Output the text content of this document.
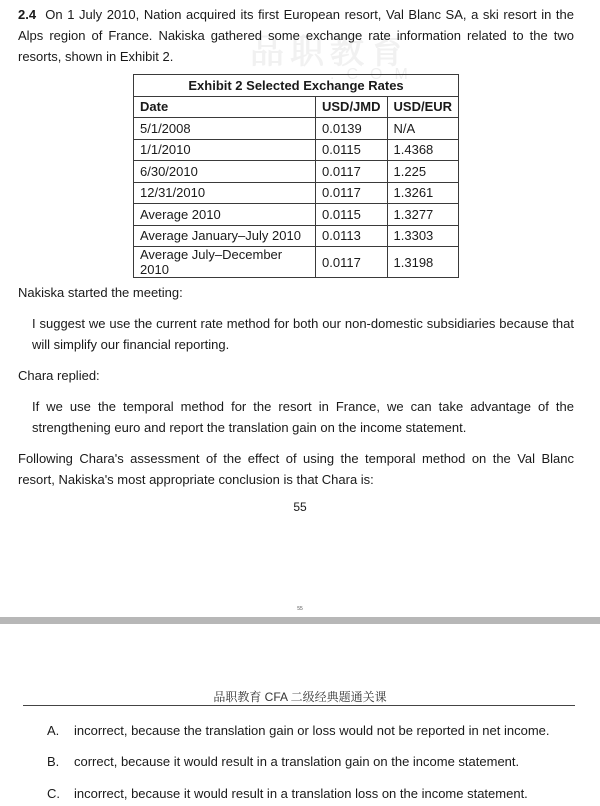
品职教育
.COM

2.4 On 1 July 2010, Nation acquired its first European resort, Val Blanc SA, a ski resort in the Alps region of France. Nakiska gathered some exchange rate information related to the two resorts, shown in Exhibit 2.

Exhibit 2 Selected Exchange Rates		
Date	USD/JMD	USD/EUR
5/1/2008	0.0139	N/A
1/1/2010	0.0115	1.4368
6/30/2010	0.0117	1.225
12/31/2010	0.0117	1.3261
Average 2010	0.0115	1.3277
Average January–July 2010	0.0113	1.3303
Average July–December 2010	0.0117	1.3198

Nakiska started the meeting:

I suggest we use the current rate method for both our non-domestic subsidiaries because that will simplify our financial reporting.

Chara replied:

If we use the temporal method for the resort in France, we can take advantage of the strengthening euro and report the translation gain on the income statement.

Following Chara's assessment of the effect of using the temporal method on the Val Blanc resort, Nakiska's most appropriate conclusion is that Chara is:

55
55
品职教育 CFA 二级经典题通关课
A. incorrect, because the translation gain or loss would not be reported in net income.
B. correct, because it would result in a translation gain on the income statement.
C. incorrect, because it would result in a translation loss on the income statement.
